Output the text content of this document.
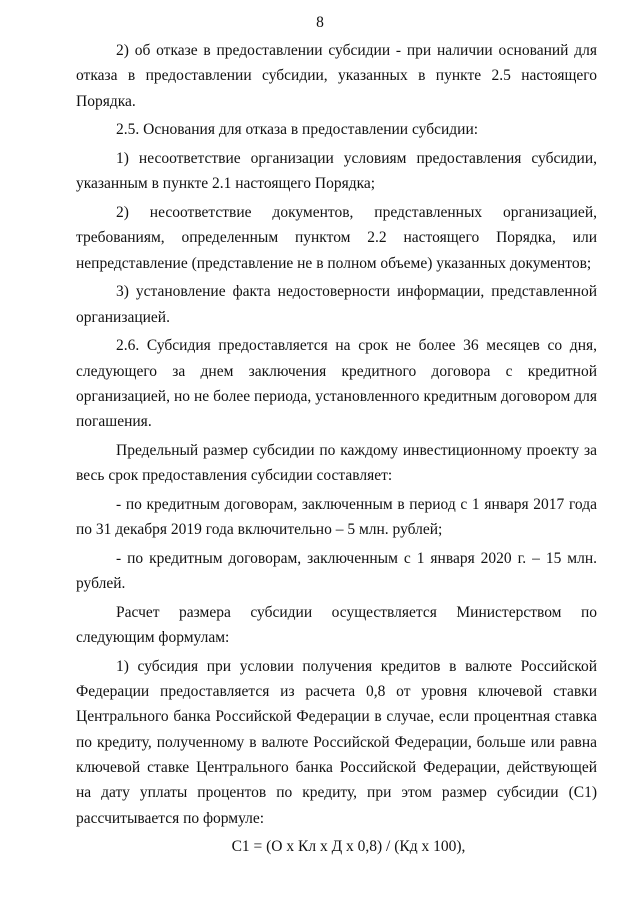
8

2) об отказе в предоставлении субсидии - при наличии оснований для отказа в предоставлении субсидии, указанных в пункте 2.5 настоящего Порядка.

2.5. Основания для отказа в предоставлении субсидии:

1) несоответствие организации условиям предоставления субсидии, указанным в пункте 2.1 настоящего Порядка;

2) несоответствие документов, представленных организацией, требованиям, определенным пунктом 2.2 настоящего Порядка, или непредставление (представление не в полном объеме) указанных документов;

3) установление факта недостоверности информации, представленной организацией.

2.6. Субсидия предоставляется на срок не более 36 месяцев со дня, следующего за днем заключения кредитного договора с кредитной организацией, но не более периода, установленного кредитным договором для погашения.

Предельный размер субсидии по каждому инвестиционному проекту за весь срок предоставления субсидии составляет:

- по кредитным договорам, заключенным в период с 1 января 2017 года по 31 декабря 2019 года включительно – 5 млн. рублей;

- по кредитным договорам, заключенным с 1 января 2020 г. – 15 млн. рублей.

Расчет размера субсидии осуществляется Министерством по следующим формулам:

1) субсидия при условии получения кредитов в валюте Российской Федерации предоставляется из расчета 0,8 от уровня ключевой ставки Центрального банка Российской Федерации в случае, если процентная ставка по кредиту, полученному в валюте Российской Федерации, больше или равна ключевой ставке Центрального банка Российской Федерации, действующей на дату уплаты процентов по кредиту, при этом размер субсидии (С1) рассчитывается по формуле:

С1 = (О х Кл х Д х 0,8) / (Кд х 100),
